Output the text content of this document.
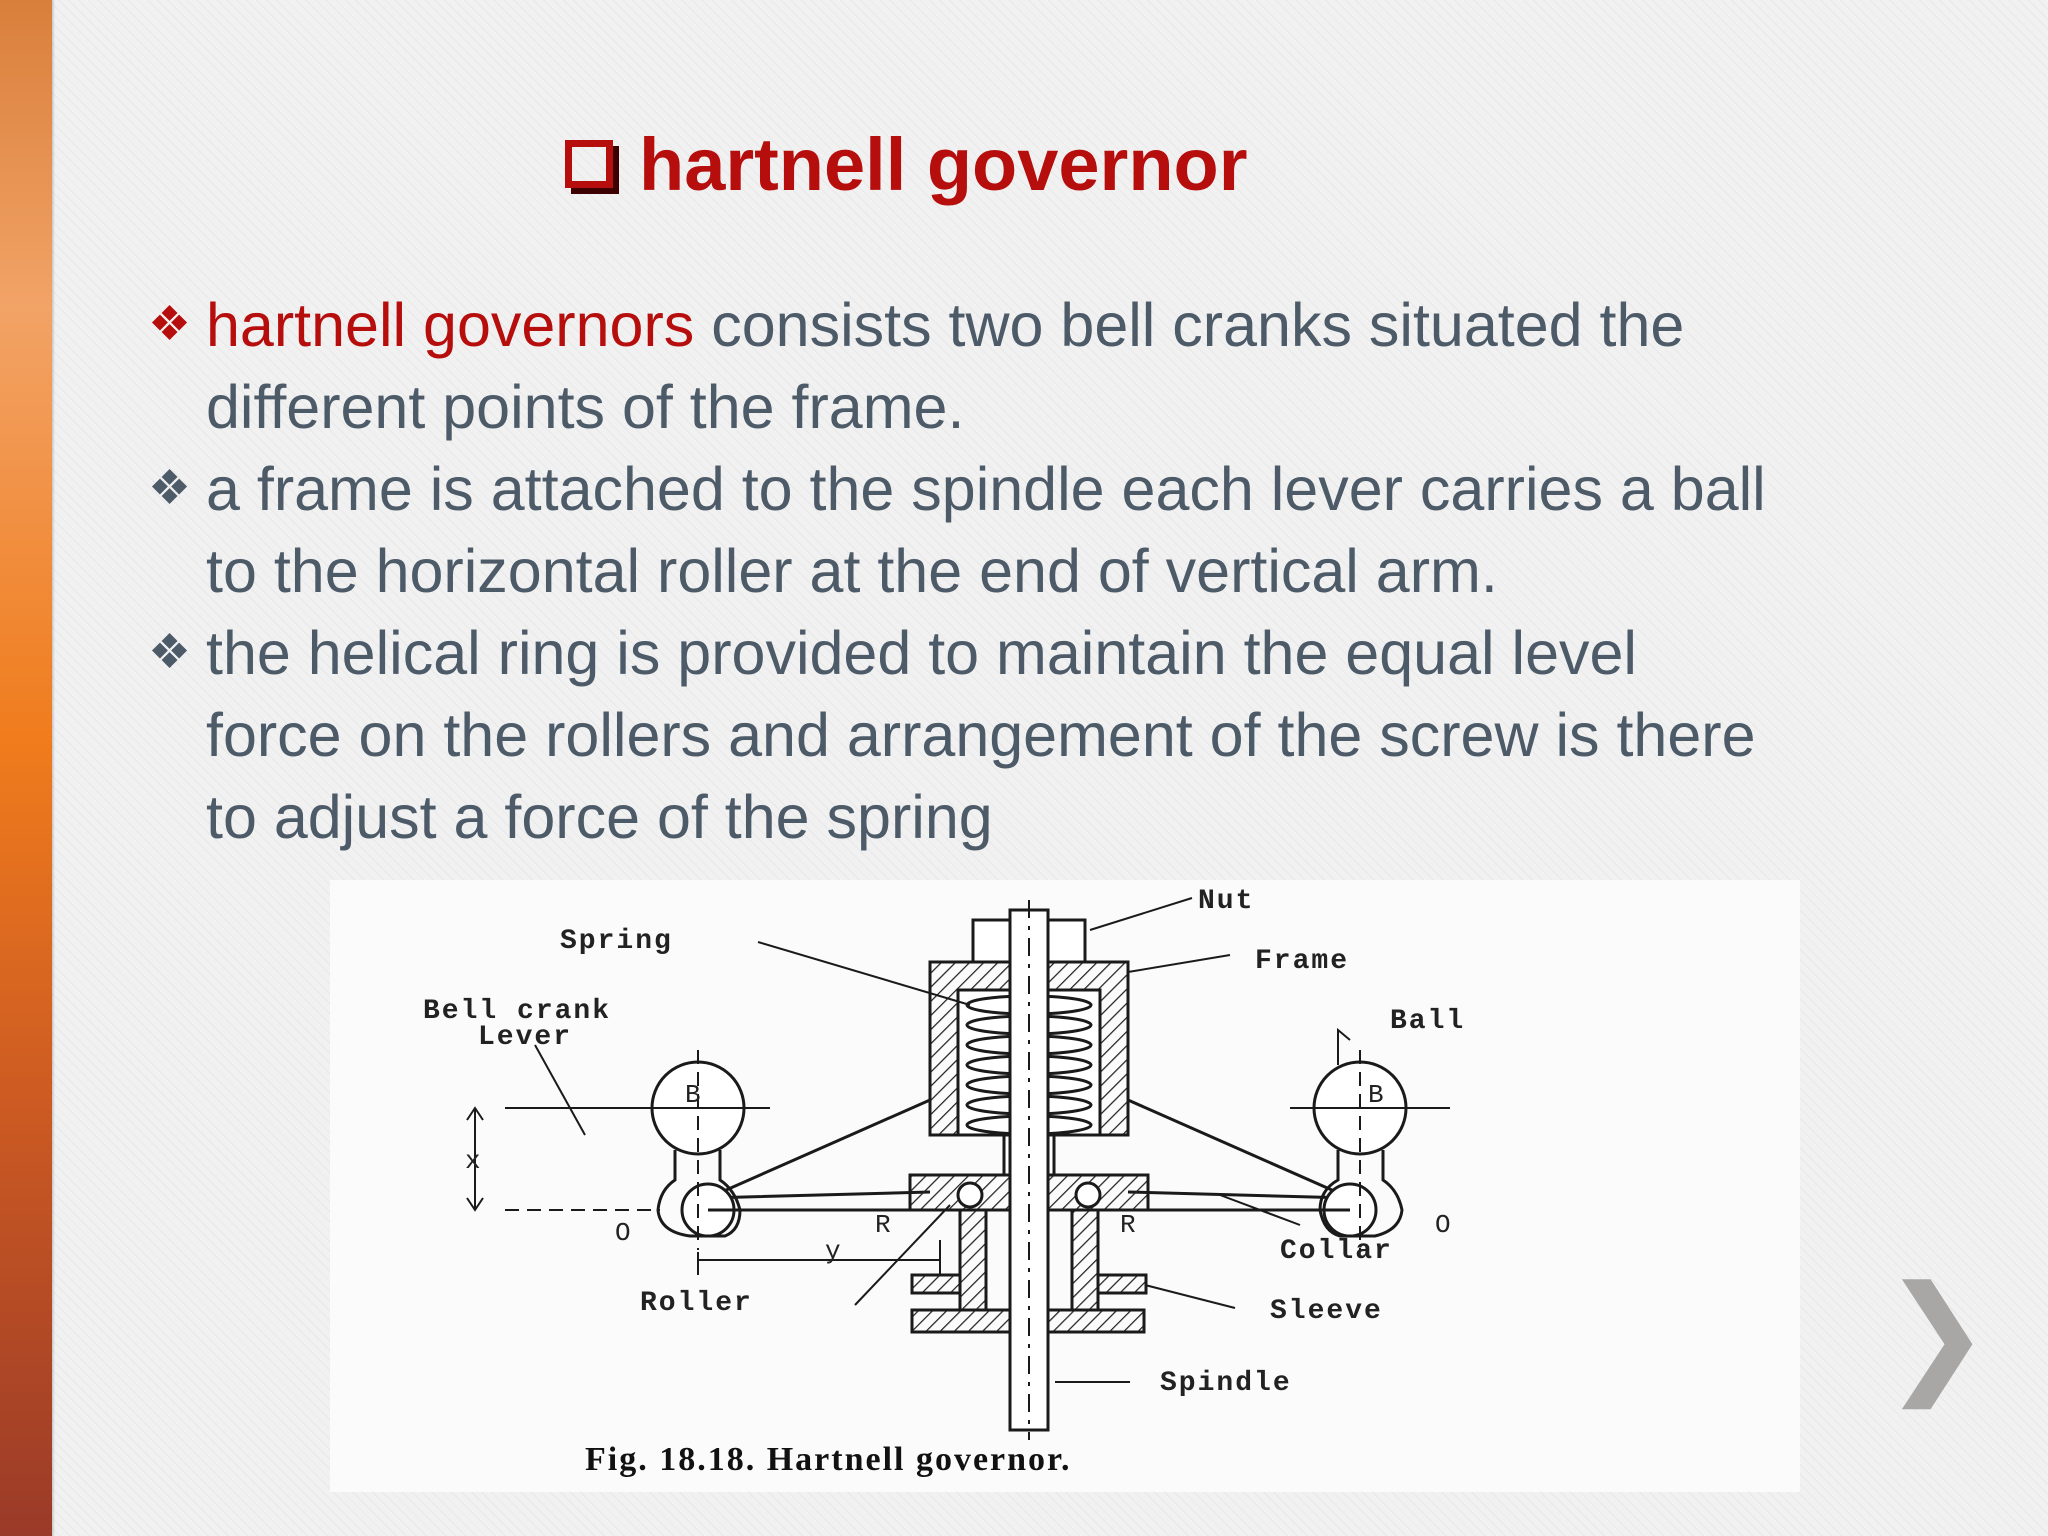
hartnell governor
❖ hartnell governors consists two bell cranks situated the
different points of the frame.
❖ a frame is attached to the spindle each lever carries a ball
to the horizontal roller at the end of vertical arm.
❖ the helical ring is provided to maintain the equal level
force on the rollers and arrangement of the screw is there
to adjust a force of the spring
Nut
Spring
Frame
Bell crank
Lever
Ball
B	B
x
y
O	O
R	R
Collar
Roller	Sleeve
Spindle
Fig. 18.18. Hartnell governor.
❯
